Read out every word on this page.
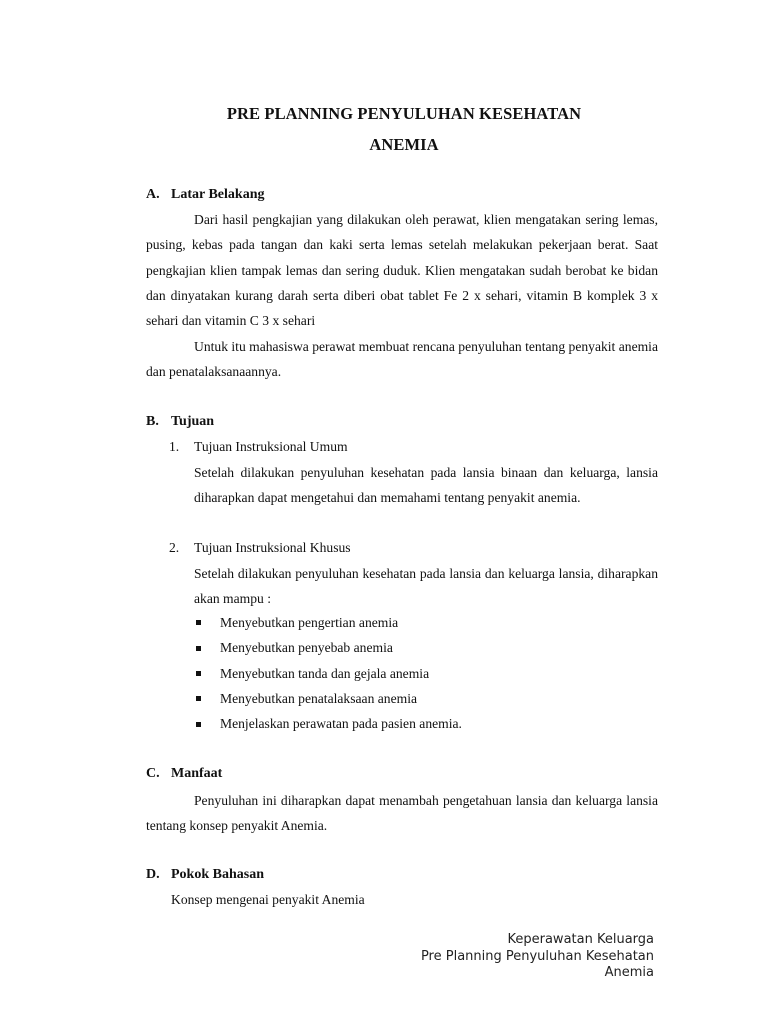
PRE PLANNING PENYULUHAN KESEHATAN
ANEMIA
A. Latar Belakang
Dari hasil pengkajian yang dilakukan oleh perawat, klien mengatakan sering lemas, pusing, kebas pada tangan dan kaki serta lemas setelah melakukan pekerjaan berat. Saat pengkajian klien tampak lemas dan sering duduk. Klien mengatakan sudah berobat ke bidan dan dinyatakan kurang darah serta diberi obat tablet Fe 2 x sehari, vitamin B komplek 3 x sehari dan vitamin C 3 x sehari
Untuk itu mahasiswa perawat membuat rencana penyuluhan tentang penyakit anemia dan penatalaksanaannya.
B. Tujuan
1. Tujuan Instruksional Umum
Setelah dilakukan penyuluhan kesehatan pada lansia binaan dan keluarga, lansia diharapkan dapat mengetahui dan memahami tentang penyakit anemia.
2. Tujuan Instruksional Khusus
Setelah dilakukan penyuluhan kesehatan pada lansia dan keluarga lansia, diharapkan akan mampu :
Menyebutkan pengertian anemia
Menyebutkan penyebab anemia
Menyebutkan tanda dan gejala anemia
Menyebutkan penatalaksaan anemia
Menjelaskan perawatan pada pasien anemia.
C. Manfaat
Penyuluhan ini diharapkan dapat menambah pengetahuan lansia dan keluarga lansia tentang konsep penyakit Anemia.
D. Pokok Bahasan
Konsep mengenai penyakit Anemia
Keperawatan Keluarga
Pre Planning Penyuluhan Kesehatan
Anemia
